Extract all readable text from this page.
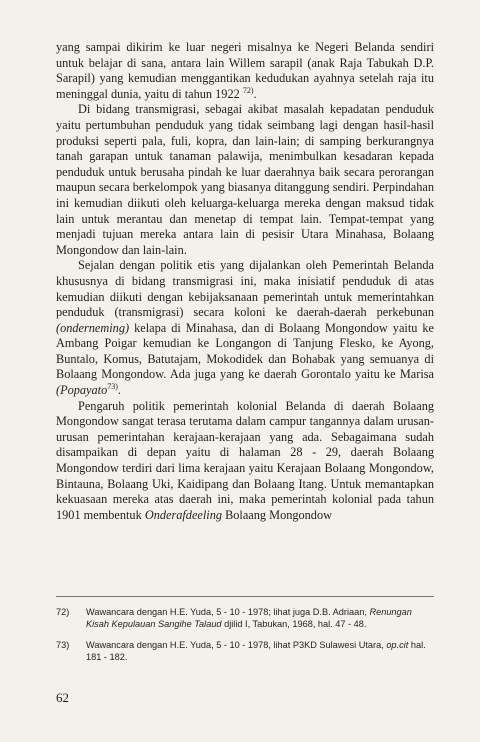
yang sampai dikirim ke luar negeri misalnya ke Negeri Belanda sendiri untuk belajar di sana, antara lain Willem sarapil (anak Raja Tabukah D.P. Sarapil) yang kemudian menggantikan kedudukan ayahnya setelah raja itu meninggal dunia, yaitu di tahun 1922 $^{72)}$.

Di bidang transmigrasi, sebagai akibat masalah kepadatan penduduk yaitu pertumbuhan penduduk yang tidak seimbang lagi dengan hasil-hasil produksi seperti pala, fuli, kopra, dan lain-lain; di samping berkurangnya tanah garapan untuk tanaman palawija, menimbulkan kesadaran kepada penduduk untuk berusaha pindah ke luar daerahnya baik secara perorangan maupun secara berkelompok yang biasanya ditanggung sendiri. Perpindahan ini kemudian diikuti oleh keluarga-keluarga mereka dengan maksud tidak lain untuk merantau dan menetap di tempat lain. Tempat-tempat yang menjadi tujuan mereka antara lain di pesisir Utara Minahasa, Bolaang Mongondow dan lain-lain.

Sejalan dengan politik etis yang dijalankan oleh Pemerintah Belanda khususnya di bidang transmigrasi ini, maka inisiatif penduduk di atas kemudian diikuti dengan kebijaksanaan pemerintah untuk memerintahkan penduduk (transmigrasi) secara koloni ke daerah-daerah perkebunan (onderneming) kelapa di Minahasa, dan di Bolaang Mongondow yaitu ke Ambang Poigar kemudian ke Longangon di Tanjung Flesko, ke Ayong, Buntalo, Komus, Batutajam, Mokodidek dan Bohabak yang semuanya di Bolaang Mongondow. Ada juga yang ke daerah Gorontalo yaitu ke Marisa (Popayato$^{73)}$.

Pengaruh politik pemerintah kolonial Belanda di daerah Bolaang Mongondow sangat terasa terutama dalam campur tangannya dalam urusan-urusan pemerintahan kerajaan-kerajaan yang ada. Sebagaimana sudah disampaikan di depan yaitu di halaman 28 - 29, daerah Bolaang Mongondow terdiri dari lima kerajaan yaitu Kerajaan Bolaang Mongondow, Bintauna, Bolaang Uki, Kaidipang dan Bolaang Itang. Untuk memantapkan kekuasaan mereka atas daerah ini, maka pemerintah kolonial pada tahun 1901 membentuk Onderafdeeling Bolaang Mongondow

72)	Wawancara dengan H.E. Yuda, 5 - 10 - 1978; lihat juga D.B. Adriaan, Renungan Kisah Kepulauan Sangihe Talaud djilid I, Tabukan, 1968, hal. 47 - 48.
73)	Wawancara dengan H.E. Yuda, 5 - 10 - 1978, lihat P3KD Sulawesi Utara, op.cit hal. 181 - 182.
62
